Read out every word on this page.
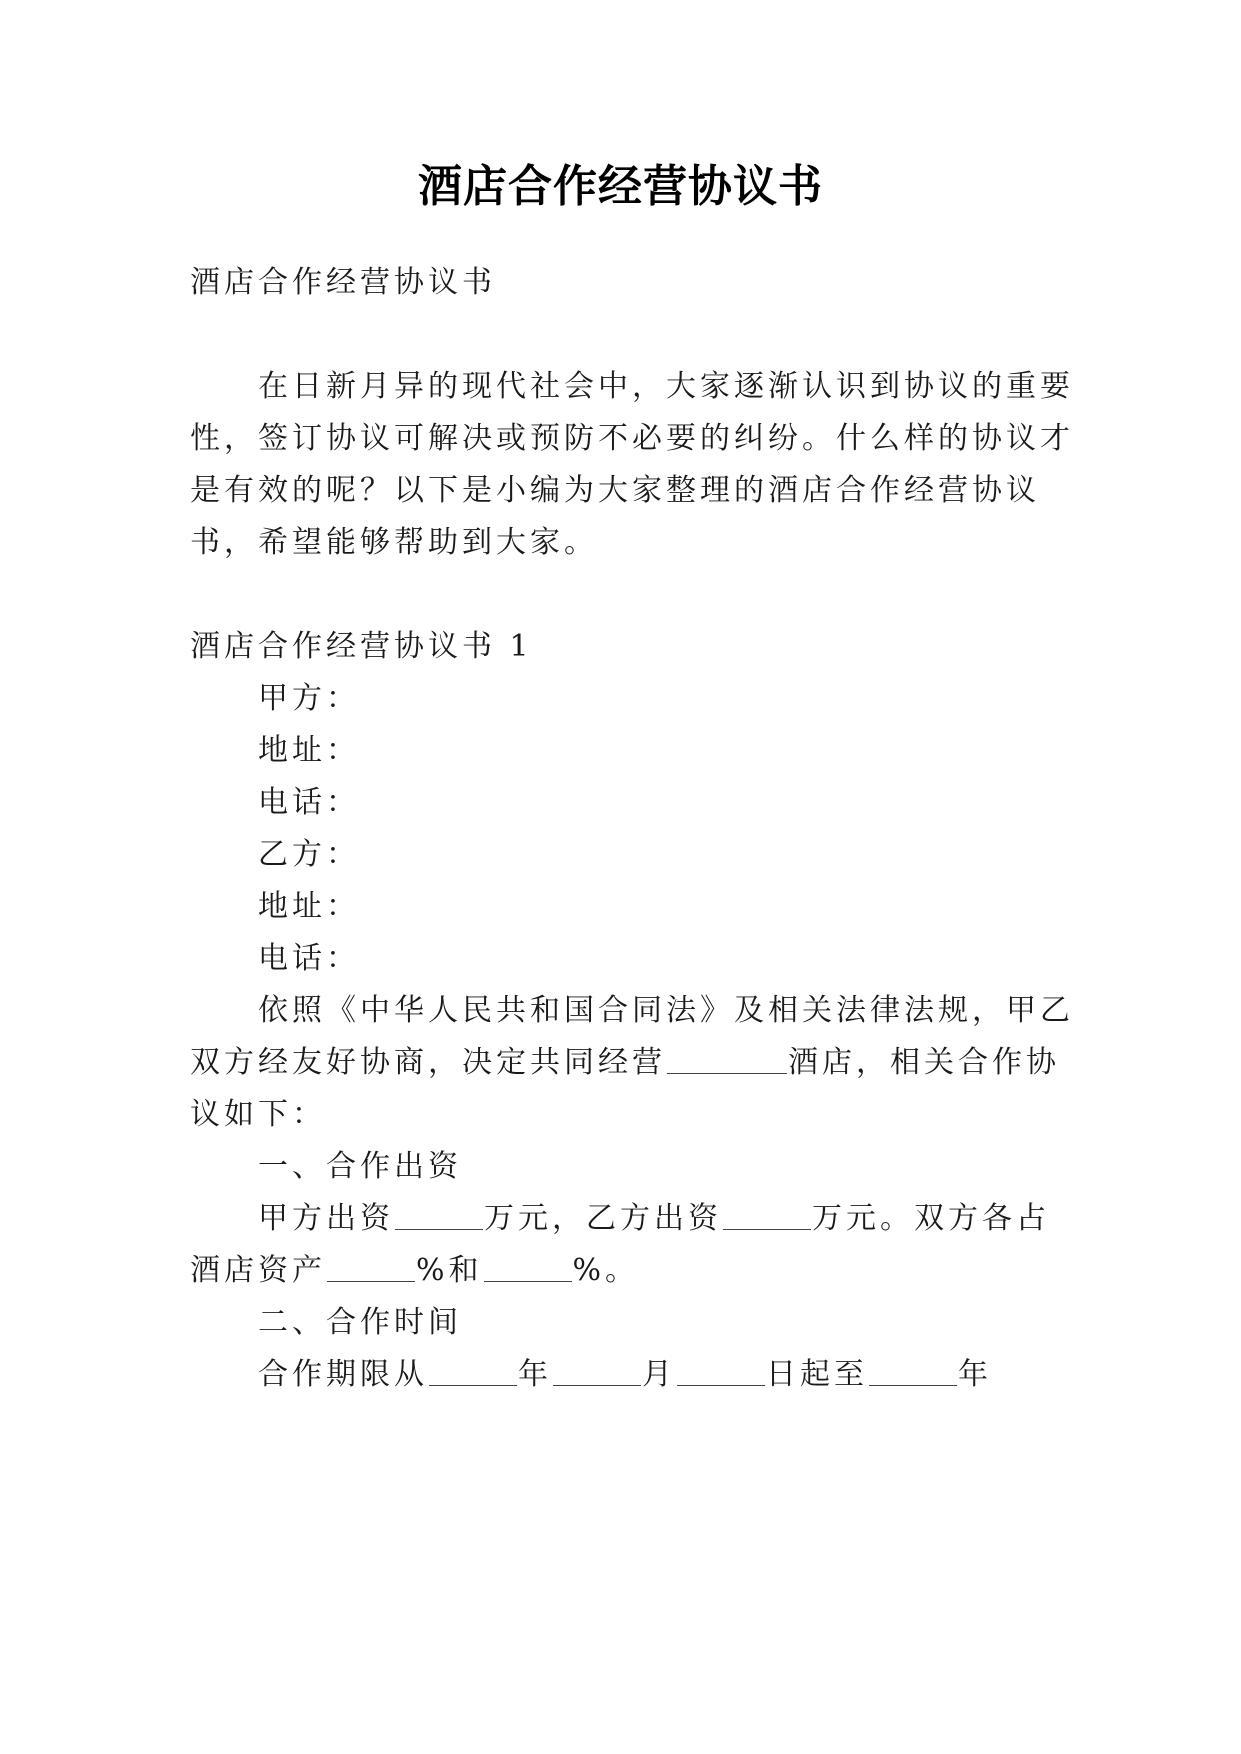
酒店合作经营协议书
酒店合作经营协议书
在日新月异的现代社会中，大家逐渐认识到协议的重要
性，签订协议可解决或预防不必要的纠纷。什么样的协议才
是有效的呢？以下是小编为大家整理的酒店合作经营协议
书，希望能够帮助到大家。
酒店合作经营协议书 1
甲方：
地址：
电话：
乙方：
地址：
电话：
依照《中华人民共和国合同法》及相关法律法规，甲乙
双方经友好协商，决定共同经营	酒店，相关合作协
议如下：
一、合作出资
甲方出资	万元，乙方出资	万元。双方各占
酒店资产	%和	%。
二、合作时间
合作期限从	年	月	日起至	年
